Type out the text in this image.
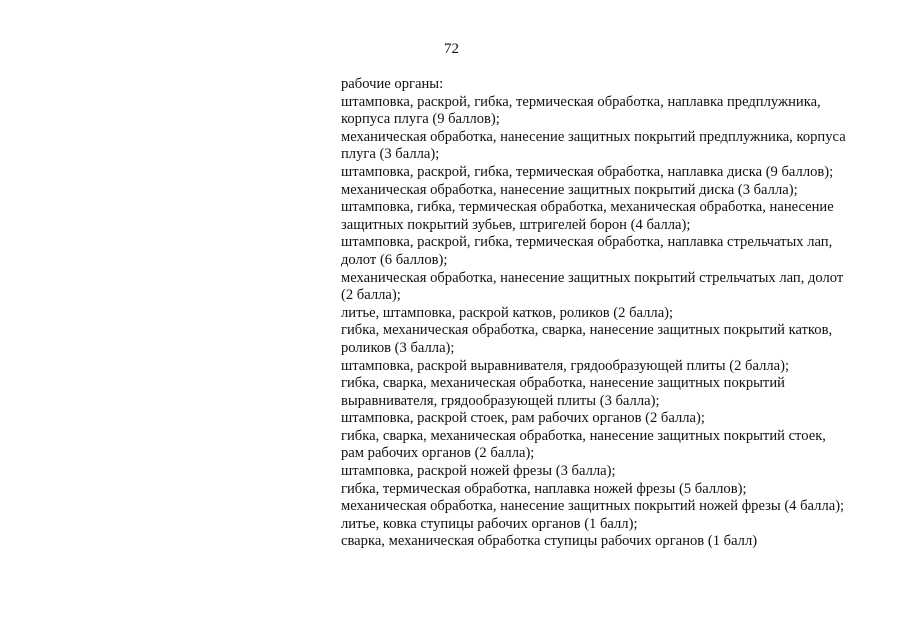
72
рабочие органы:
штамповка, раскрой, гибка, термическая обработка, наплавка предплужника,
корпуса плуга (9 баллов);
механическая обработка, нанесение защитных покрытий предплужника, корпуса
плуга (3 балла);
штамповка, раскрой, гибка, термическая обработка, наплавка диска (9 баллов);
механическая обработка, нанесение защитных покрытий диска (3 балла);
штамповка, гибка, термическая обработка, механическая обработка, нанесение
защитных покрытий зубьев, штригелей борон (4 балла);
штамповка, раскрой, гибка, термическая обработка, наплавка стрельчатых лап,
долот (6 баллов);
механическая обработка, нанесение защитных покрытий стрельчатых лап, долот
(2 балла);
литье, штамповка, раскрой катков, роликов (2 балла);
гибка, механическая обработка, сварка, нанесение защитных покрытий катков,
роликов (3 балла);
штамповка, раскрой выравнивателя, грядообразующей плиты (2 балла);
гибка, сварка, механическая обработка, нанесение защитных покрытий
выравнивателя, грядообразующей плиты (3 балла);
штамповка, раскрой стоек, рам рабочих органов (2 балла);
гибка, сварка, механическая обработка, нанесение защитных покрытий стоек,
рам рабочих органов (2 балла);
штамповка, раскрой ножей фрезы (3 балла);
гибка, термическая обработка, наплавка ножей фрезы (5 баллов);
механическая обработка, нанесение защитных покрытий ножей фрезы (4 балла);
литье, ковка ступицы рабочих органов (1 балл);
сварка, механическая обработка ступицы рабочих органов (1 балл)
